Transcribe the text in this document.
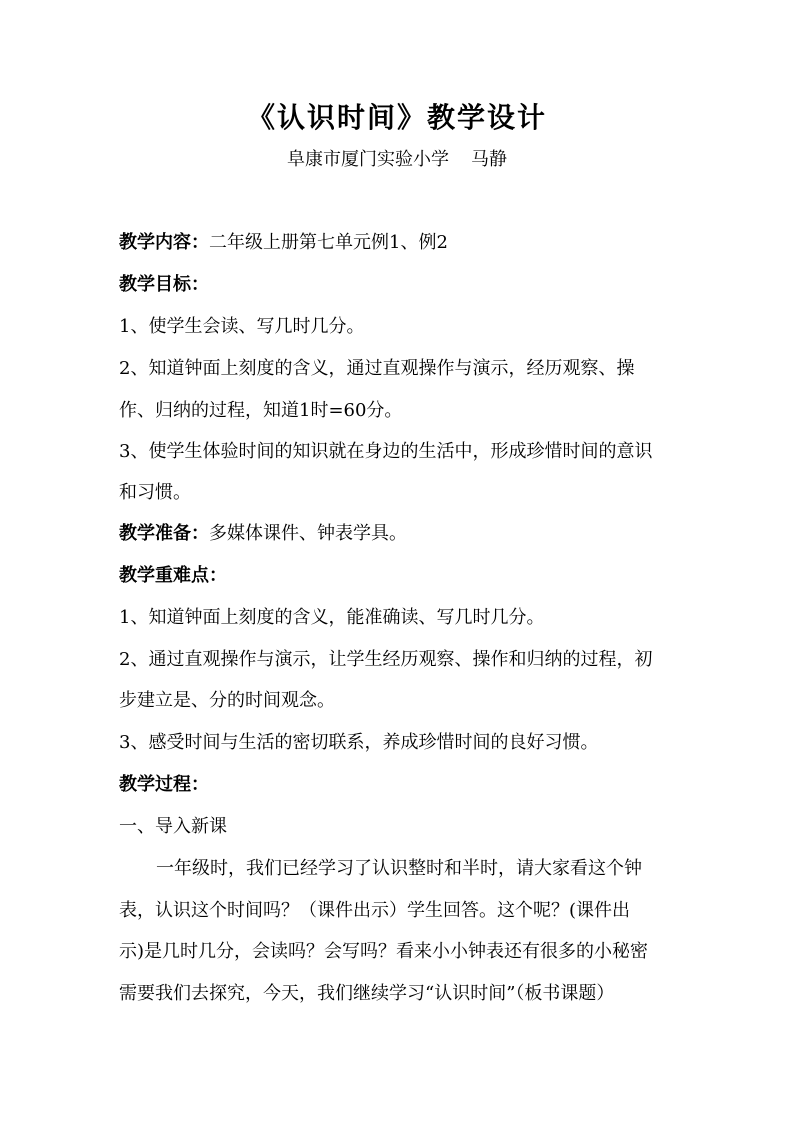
《认识时间》教学设计
阜康市厦门实验小学 马静
教学内容：二年级上册第七单元例1、例2
教学目标：
1、使学生会读、写几时几分。
2、知道钟面上刻度的含义，通过直观操作与演示，经历观察、操
作、归纳的过程，知道1时=60分。
3、使学生体验时间的知识就在身边的生活中，形成珍惜时间的意识
和习惯。
教学准备：多媒体课件、钟表学具。
教学重难点：
1、知道钟面上刻度的含义，能准确读、写几时几分。
2、通过直观操作与演示，让学生经历观察、操作和归纳的过程，初
步建立是、分的时间观念。
3、感受时间与生活的密切联系，养成珍惜时间的良好习惯。
教学过程：
一、导入新课
一年级时，我们已经学习了认识整时和半时，请大家看这个钟
表，认识这个时间吗？（课件出示）学生回答。这个呢？(课件出
示)是几时几分，会读吗？会写吗？看来小小钟表还有很多的小秘密
需要我们去探究，今天，我们继续学习“认识时间”（板书课题）
